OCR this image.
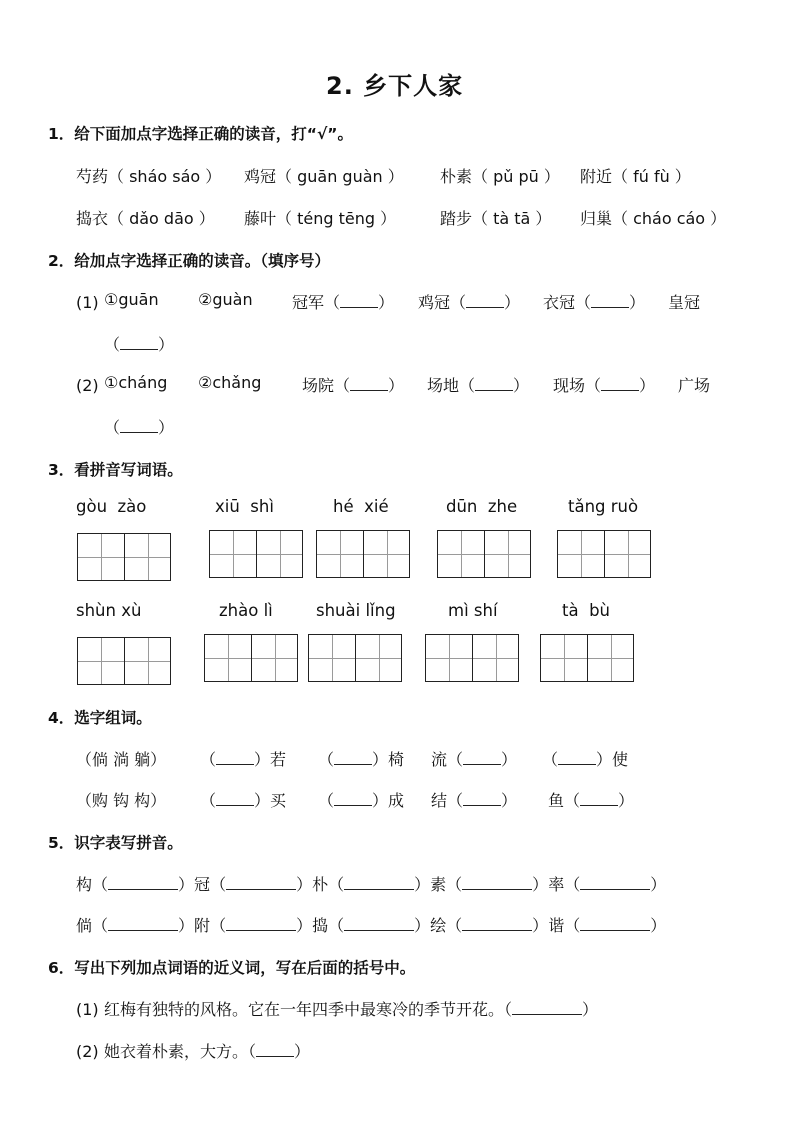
2. 乡下人家
1．给下面加点字选择正确的读音，打“√”。
芍药（ sháo sáo ） 鸡冠（ guān guàn ） 朴素（ pǔ pū ） 附近（ fú fù ）
捣衣（ dǎo dāo ） 藤叶（ téng tēng ）	踏步（ tà tā ） 归巢（ cháo cáo ）
2．给加点字选择正确的读音。（填序号）
(1) ①guān ②guàn 冠军（ ） 鸡冠（ ） 衣冠（ ） 皇冠
（ ）
(2) ①cháng ②chǎng	场院（ ） 场地（ ） 现场（ ） 广场
（ ）
3．看拼音写词语。
gòu  zào	xiū  shì	hé  xié	dūn  zhe	tǎng ruò
shùn xù	zhào lì	shuài lǐng	mì shí	tà  bù
4．选字组词。
（倘 淌 躺） （ ）若 （ ）椅 流（ ） （ ）使
（购 钩 构） （ ）买 （ ）成 结（ ） 鱼（ ）
5．识字表写拼音。
构（	）冠（	）朴（	）素（	）率（	）
倘（	）附（	）捣（	）绘（	）谐（	）
6．写出下列加点词语的近义词，写在后面的括号中。
(1) 红梅有独特的风格。它在一年四季中最寒冷的季节开花。（	）
(2) 她衣着朴素，大方。（ ）
